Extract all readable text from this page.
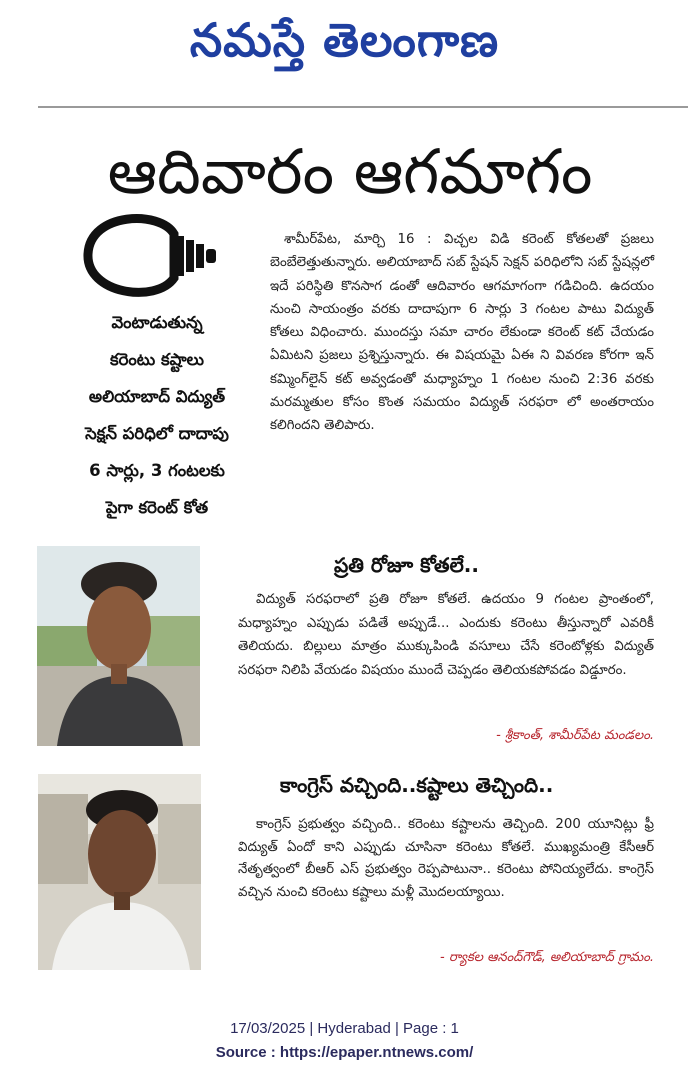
నమస్తే తెలంగాణ
ఆదివారం ఆగమాగం
వెంటాడుతున్న
కరెంటు కష్టాలు
అలియాబాద్ విద్యుత్
సెక్షన్ పరిధిలో దాదాపు
6 సార్లు, 3 గంటలకు
పైగా కరెంట్ కోత
శామీర్‌పేట, మార్చి 16 : విచ్చల విడి కరెంట్ కోతలతో ప్రజలు బెంబేలెత్తుతున్నారు. అలియాబాద్ సబ్ స్టేషన్ సెక్షన్ పరిధిలోని సబ్ స్టేషన్లలో ఇదే పరిస్థితి కొనసాగ డంతో ఆదివారం ఆగమాగంగా గడిచింది. ఉదయం నుంచి సాయంత్రం వరకు దాదాపుగా 6 సార్లు 3 గంటల పాటు విద్యుత్ కోతలు విధించారు. ముందస్తు సమా చారం లేకుండా కరెంట్ కట్ చేయడం ఏమిటని ప్రజలు ప్రశ్నిస్తున్నారు. ఈ విషయమై ఏఈ ని వివరణ కోరగా ఇన్ కమ్మింగ్‌లైన్ కట్ అవ్వడంతో మధ్యాహ్నం 1 గంటల నుంచి 2:36 వరకు మరమ్మతుల కోసం కొంత సమయం విద్యుత్ సరఫరా లో అంతరాయం కలిగిందని తెలిపారు.
ప్రతి రోజూ కోతలే..
విద్యుత్ సరఫరాలో ప్రతి రోజూ కోతలే. ఉదయం 9 గంటల ప్రాంతంలో, మధ్యాహ్నం ఎప్పుడు పడితే అప్పుడే... ఎందుకు కరెంటు తీస్తున్నారో ఎవరికీ తెలియదు. బిల్లులు మాత్రం ముక్కుపిండి వసూలు చేసే కరెంటోళ్లకు విద్యుత్ సరఫరా నిలిపి వేయడం విషయం ముందే చెప్పడం తెలియకపోవడం విడ్డూరం.
- శ్రీకాంత్, శామీర్‌పేట మండలం.
కాంగ్రెస్ వచ్చింది..కష్టాలు తెచ్చింది..
కాంగ్రెస్ ప్రభుత్వం వచ్చింది.. కరెంటు కష్టాలను తెచ్చింది. 200 యూనిట్లు ఫ్రీ విద్యుత్ ఏందో కాని ఎప్పుడు చూసినా కరెంటు కోతలే. ముఖ్యమంత్రి కేసీఆర్ నేతృత్వంలో బీఆర్ ఎస్ ప్రభుత్వం రెప్పపాటునా.. కరెంటు పోనియ్యలేదు. కాంగ్రెస్ వచ్చిన నుంచి కరెంటు కష్టాలు మళ్లీ మొదలయ్యాయి.
- ర్యాకల ఆనంద్‌గౌడ్, అలియాబాద్ గ్రామం.
17/03/2025 | Hyderabad | Page : 1
Source : https://epaper.ntnews.com/
